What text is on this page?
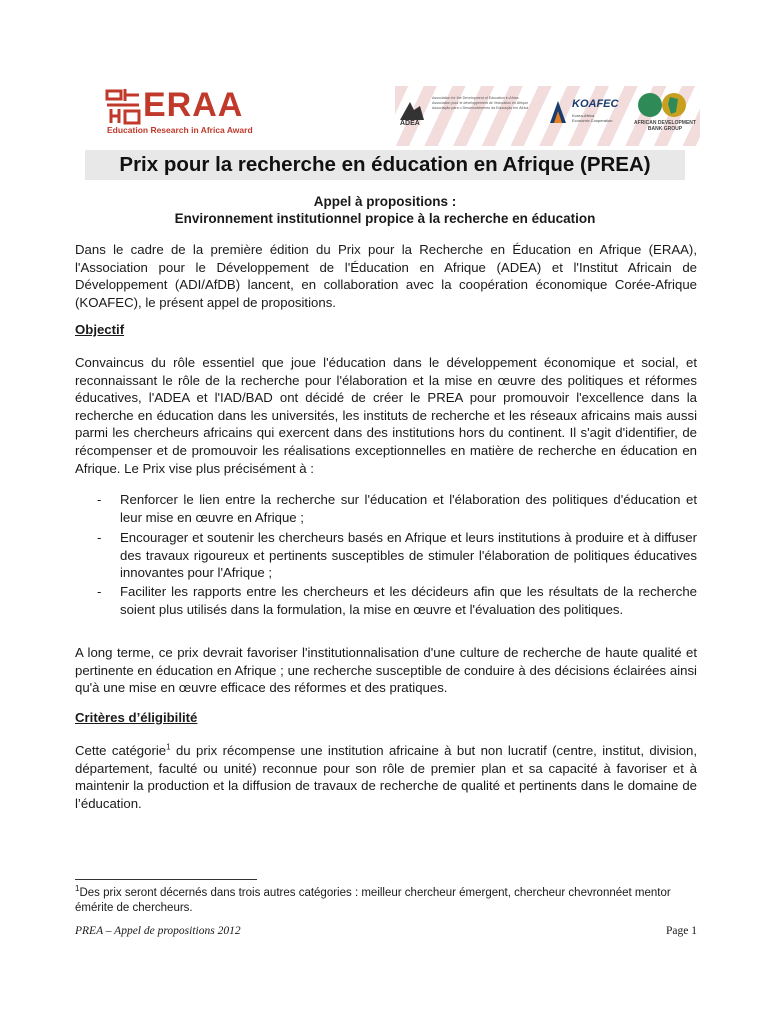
ERAA
Education Research in Africa Award
ADEA
Association for the Development of Education in Africa
Association pour le développement de l'éducation en Afrique
Associação para o Desenvolvimento da Educação em África	KOAFEC
Korea-Africa
Economic Cooperation	AFRICAN DEVELOPMENT
BANK GROUP
Prix pour la recherche en éducation en Afrique (PREA)
Appel à propositions :
Environnement institutionnel propice à la recherche en éducation
Dans le cadre de la première édition du Prix pour la Recherche en Éducation en Afrique (ERAA), l'Association pour le Développement de l'Éducation en Afrique (ADEA) et l'Institut Africain de Développement (ADI/AfDB) lancent, en collaboration avec la coopération économique Corée-Afrique (KOAFEC), le présent appel de propositions.
Objectif
Convaincus du rôle essentiel que joue l'éducation dans le développement économique et social, et reconnaissant le rôle de la recherche pour l'élaboration et la mise en œuvre des politiques et réformes éducatives, l'ADEA et l'IAD/BAD ont décidé de créer le PREA pour promouvoir l'excellence dans la recherche en éducation dans les universités, les instituts de recherche et les réseaux africains mais aussi parmi les chercheurs africains qui exercent dans des institutions hors du continent. Il s'agit d'identifier, de récompenser et de promouvoir les réalisations exceptionnelles en matière de recherche en éducation en Afrique. Le Prix vise plus précisément à :
- Renforcer le lien entre la recherche sur l'éducation et l'élaboration des politiques d'éducation et leur mise en œuvre en Afrique ;
- Encourager et soutenir les chercheurs basés en Afrique et leurs institutions à produire et à diffuser des travaux rigoureux et pertinents susceptibles de stimuler l'élaboration de politiques éducatives innovantes pour l'Afrique ;
- Faciliter les rapports entre les chercheurs et les décideurs afin que les résultats de la recherche soient plus utilisés dans la formulation, la mise en œuvre et l'évaluation des politiques.
A long terme, ce prix devrait favoriser l'institutionnalisation d'une culture de recherche de haute qualité et pertinente en éducation en Afrique ; une recherche susceptible de conduire à des décisions éclairées ainsi qu'à une mise en œuvre efficace des réformes et des pratiques.
Critères d’éligibilité
Cette catégorie$^1$ du prix récompense une institution africaine à but non lucratif (centre, institut, division, département, faculté ou unité) reconnue pour son rôle de premier plan et sa capacité à favoriser et à maintenir la production et la diffusion de travaux de recherche de qualité et pertinents dans le domaine de l’éducation.
$^1$Des prix seront décernés dans trois autres catégories : meilleur chercheur émergent, chercheur chevronnéet mentor émérite de chercheurs.
PREA – Appel de propositions 2012	Page 1
